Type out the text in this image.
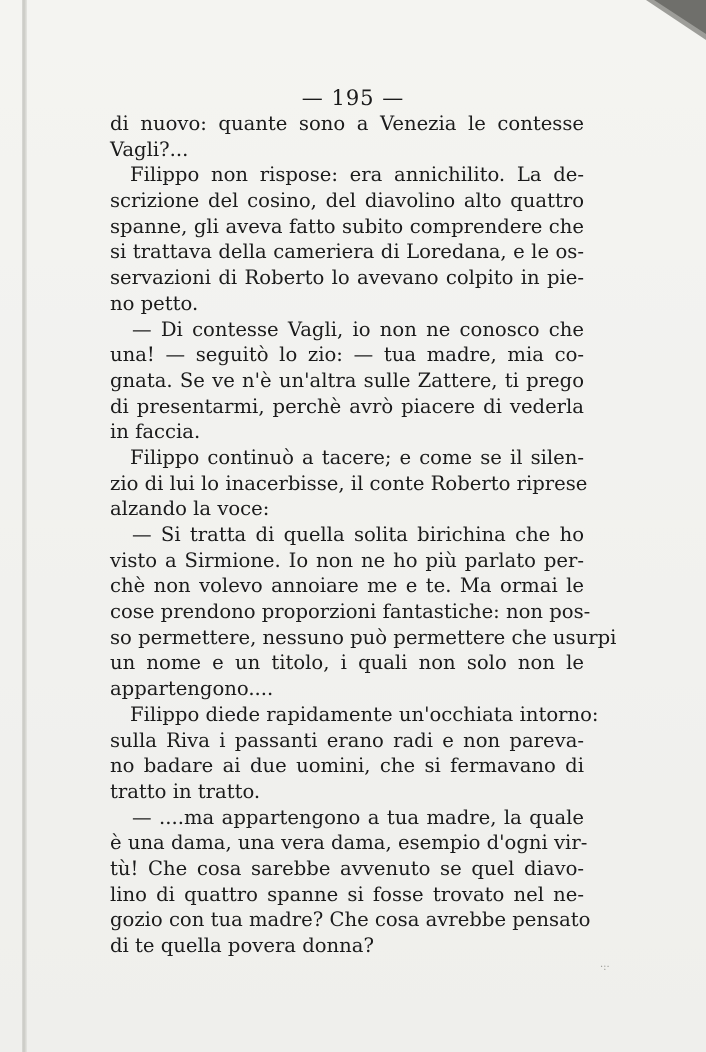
— 195 —
di nuovo: quante sono a Venezia le contesse
Vagli?...
Filippo non rispose: era annichilito. La de-
scrizione del cosino, del diavolino alto quattro
spanne, gli aveva fatto subito comprendere che
si trattava della cameriera di Loredana, e le os-
servazioni di Roberto lo avevano colpito in pie-
no petto.
— Di contesse Vagli, io non ne conosco che
una! — seguitò lo zio: — tua madre, mia co-
gnata. Se ve n'è un'altra sulle Zattere, ti prego
di presentarmi, perchè avrò piacere di vederla
in faccia.
Filippo continuò a tacere; e come se il silen-
zio di lui lo inacerbisse, il conte Roberto riprese
alzando la voce:
— Si tratta di quella solita birichina che ho
visto a Sirmione. Io non ne ho più parlato per-
chè non volevo annoiare me e te. Ma ormai le
cose prendono proporzioni fantastiche: non pos-
so permettere, nessuno può permettere che usurpi
un nome e un titolo, i quali non solo non le
appartengono....
Filippo diede rapidamente un'occhiata intorno:
sulla Riva i passanti erano radi e non pareva-
no badare ai due uomini, che si fermavano di
tratto in tratto.
— ....ma appartengono a tua madre, la quale
è una dama, una vera dama, esempio d'ogni vir-
tù! Che cosa sarebbe avvenuto se quel diavo-
lino di quattro spanne si fosse trovato nel ne-
gozio con tua madre? Che cosa avrebbe pensato
di te quella povera donna?
·:·
